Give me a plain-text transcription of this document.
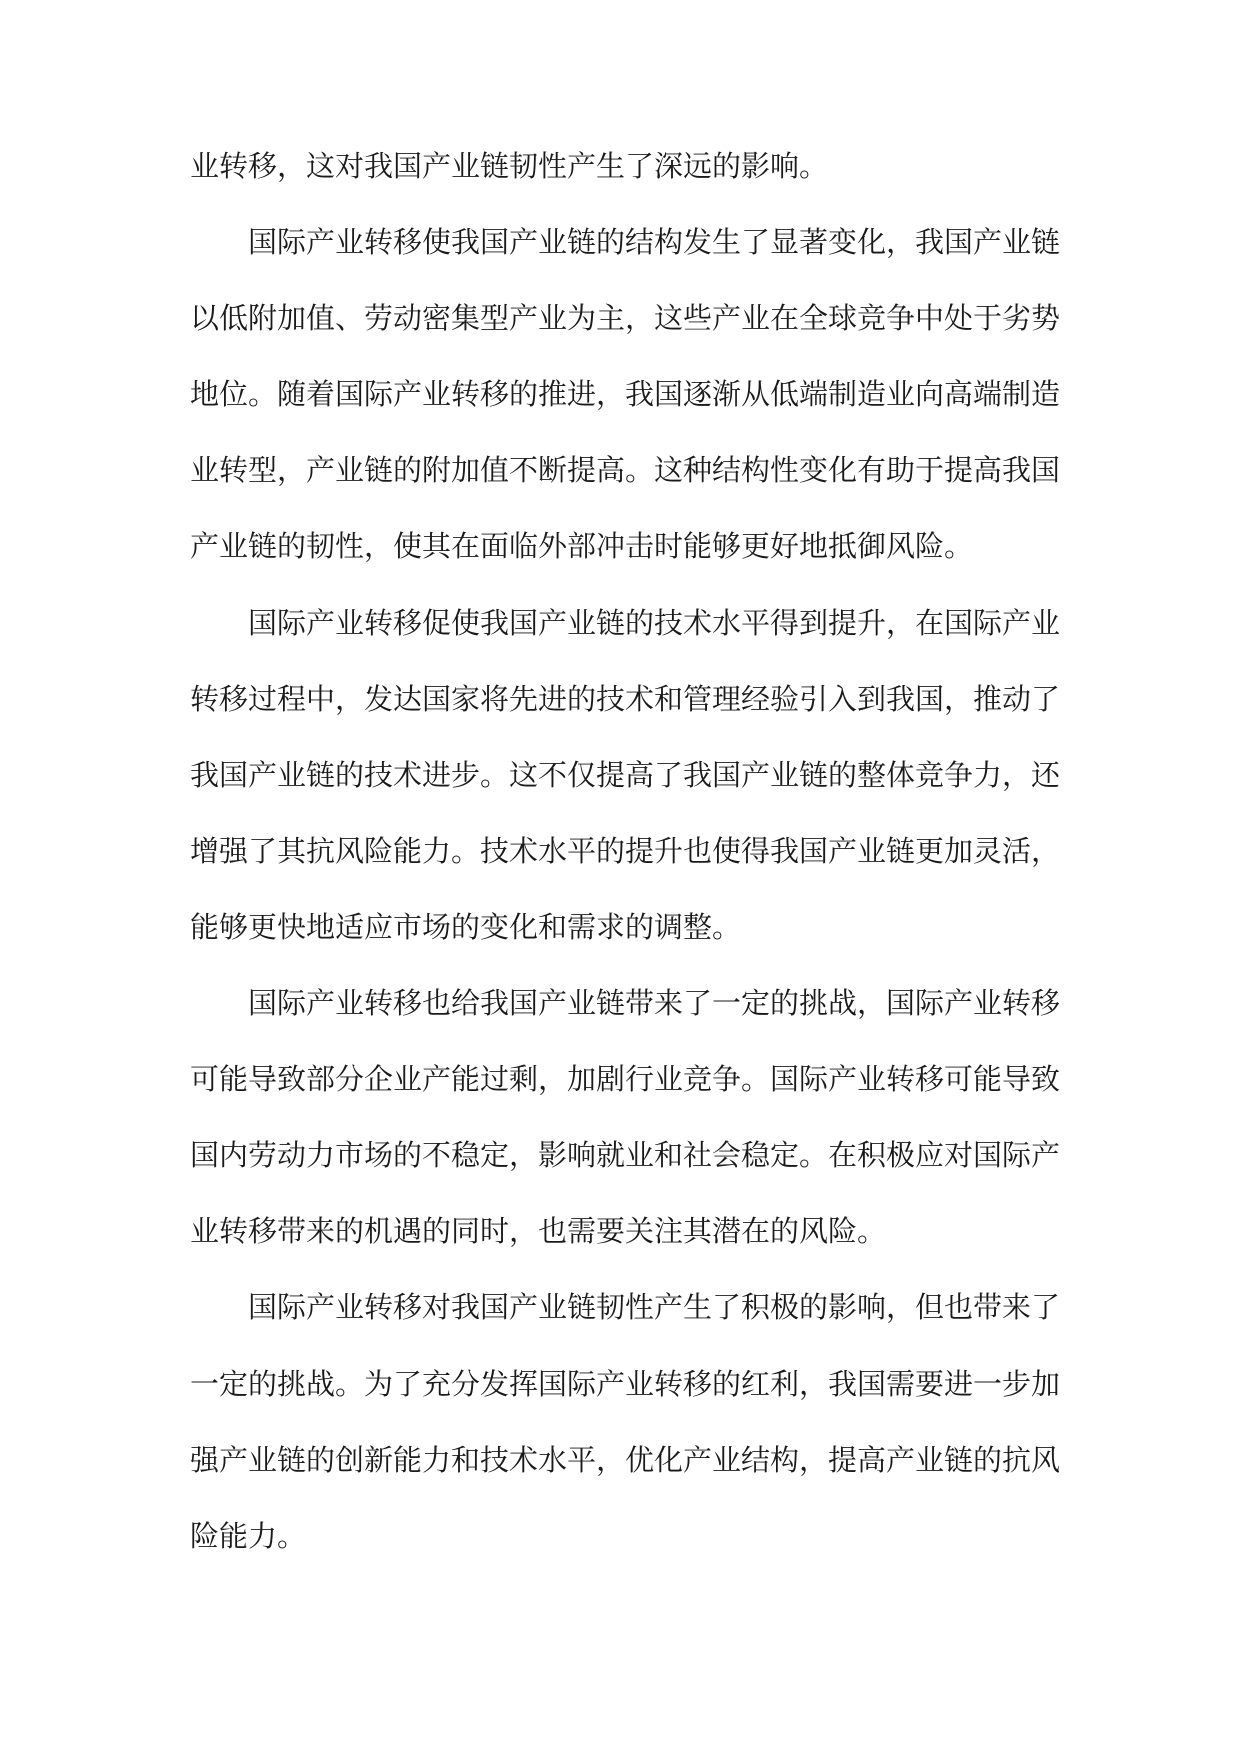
业转移，这对我国产业链韧性产生了深远的影响。
国际产业转移使我国产业链的结构发生了显著变化，我国产业链
以低附加值、劳动密集型产业为主，这些产业在全球竞争中处于劣势
地位。随着国际产业转移的推进，我国逐渐从低端制造业向高端制造
业转型，产业链的附加值不断提高。这种结构性变化有助于提高我国
产业链的韧性，使其在面临外部冲击时能够更好地抵御风险。
国际产业转移促使我国产业链的技术水平得到提升，在国际产业
转移过程中，发达国家将先进的技术和管理经验引入到我国，推动了
我国产业链的技术进步。这不仅提高了我国产业链的整体竞争力，还
增强了其抗风险能力。技术水平的提升也使得我国产业链更加灵活，
能够更快地适应市场的变化和需求的调整。
国际产业转移也给我国产业链带来了一定的挑战，国际产业转移
可能导致部分企业产能过剩，加剧行业竞争。国际产业转移可能导致
国内劳动力市场的不稳定，影响就业和社会稳定。在积极应对国际产
业转移带来的机遇的同时，也需要关注其潜在的风险。
国际产业转移对我国产业链韧性产生了积极的影响，但也带来了
一定的挑战。为了充分发挥国际产业转移的红利，我国需要进一步加
强产业链的创新能力和技术水平，优化产业结构，提高产业链的抗风
险能力。
